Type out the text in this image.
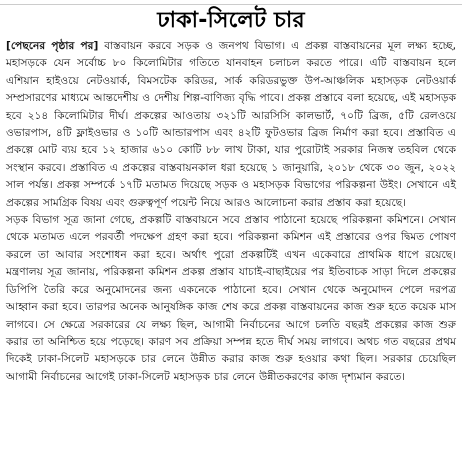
ঢাকা-সিলেট চার

[পেছনের পৃষ্ঠার পর] বাস্তবায়ন করবে সড়ক ও জনপথ বিভাগ। এ প্রকল্প বাস্তবায়নের মূল লক্ষ্য হচ্ছে, মহাসড়কে যেন সর্বোচ্চ ৮০ কিলোমিটার গতিতে যানবাহন চলাচল করতে পারে। এটি বাস্তবায়ন হলে এশিয়ান হাইওয়ে নেটওয়ার্ক, বিমসটেক করিডর, সার্ক করিডরভুক্ত উপ-আঞ্চলিক মহাসড়ক নেটওয়ার্ক সম্প্রসারণের মাধ্যমে আন্তদেশীয় ও দেশীয় শিল্প-বাণিজ্য বৃদ্ধি পাবে। প্রকল্প প্রস্তাবে বলা হয়েছে, এই মহাসড়ক হবে ২১৪ কিলোমিটার দীর্ঘ। প্রকল্পের আওতায় ৩২১টি আরসিসি কালভার্ট, ৭০টি ব্রিজ, ৫টি রেলওয়ে ওভারপাস, ৪টি ফ্লাইওভার ও ১০টি আন্ডারপাস এবং ৪২টি ফুটওভার ব্রিজ নির্মাণ করা হবে। প্রস্তাবিত এ প্রকল্পে মোট ব্যয় হবে ১২ হাজার ৬১০ কোটি ৮৮ লাখ টাকা, যার পুরোটাই সরকার নিজস্ব তহবিল থেকে সংস্থান করবে। প্রস্তাবিত এ প্রকল্পের বাস্তবায়নকাল ধরা হয়েছে ১ জানুয়ারি, ২০১৮ থেকে ৩০ জুন, ২০২২ সাল পর্যন্ত। প্রকল্প সম্পর্কে ১৭টি মতামত দিয়েছে সড়ক ও মহাসড়ক বিভাগের পরিকল্পনা উইং। সেখানে এই প্রকল্পের সামগ্রিক বিষয় এবং গুরুত্বপূর্ণ পয়েন্ট নিয়ে আরও আলোচনা করার প্রস্তাব করা হয়েছে।

সড়ক বিভাগ সূত্র জানা গেছে, প্রকল্পটি বাস্তবায়নে সবে প্রস্তাব পাঠানো হয়েছে পরিকল্পনা কমিশনে। সেখান থেকে মতামত এলে পরবর্তী পদক্ষেপ গ্রহণ করা হবে। পরিকল্পনা কমিশন এই প্রস্তাবের ওপর দ্বিমত পোষণ করলে তা আবার সংশোধন করা হবে। অর্থাৎ পুরো প্রকল্পটিই এখন একেবারে প্রাথমিক ধাপে রয়েছে। মন্ত্রণালয় সূত্র জানায়, পরিকল্পনা কমিশন প্রকল্প প্রস্তাব যাচাই-বাছাইয়ের পর ইতিবাচক সাড়া দিলে প্রকল্পের ডিপিপি তৈরি করে অনুমোদনের জন্য একনেকে পাঠানো হবে। সেখান থেকে অনুমোদন পেলে দরপত্র আহ্বান করা হবে। তারপর অনেক আনুষঙ্গিক কাজ শেষ করে প্রকল্প বাস্তবায়নের কাজ শুরু হতে কয়েক মাস লাগবে। সে ক্ষেত্রে সরকারের যে লক্ষ্য ছিল, আগামী নির্বাচনের আগে চলতি বছরই প্রকল্পের কাজ শুরু করার তা অনিশ্চিত হয়ে পড়েছে। কারণ সব প্রক্রিয়া সম্পন্ন হতে দীর্ঘ সময় লাগবে। অথচ গত বছরের প্রথম দিকেই ঢাকা-সিলেট মহাসড়কে চার লেনে উন্নীত করার কাজ শুরু হওয়ার কথা ছিল। সরকার চেয়েছিল আগামী নির্বাচনের আগেই ঢাকা-সিলেট মহাসড়ক চার লেনে উন্নীতকরণের কাজ দৃশ্যমান করতে।
